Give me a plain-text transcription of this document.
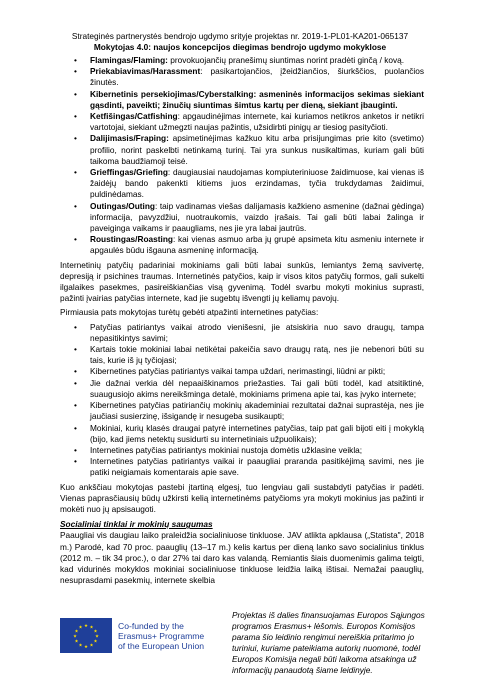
Strateginės partnerystės bendrojo ugdymo srityje projektas nr. 2019-1-PL01-KA201-065137
Mokytojas 4.0: naujos koncepcijos diegimas bendrojo ugdymo mokyklose
• Flamingas/Flaming: provokuojančių pranešimų siuntimas norint pradėti ginčą / kovą.
• Priekabiavimas/Harassment: pasikartojančios, įžeidžiančios, šiurkščios, puolančios žinutės.
• Kibernetinis persekiojimas/Cyberstalking: asmeninės informacijos sekimas siekiant gąsdinti, paveikti; žinučių siuntimas šimtus kartų per dieną, siekiant įbauginti.
• Ketfišingas/Catfishing: apgaudinėjimas internete, kai kuriamos netikros anketos ir netikri vartotojai, siekiant užmegzti naujas pažintis, užsidirbti pinigų ar tiesiog pasityčioti.
• Dalijimasis/Fraping: apsimetinėjimas kažkuo kitu arba prisijungimas prie kito (svetimo) profilio, norint paskelbti netinkamą turinį. Tai yra sunkus nusikaltimas, kuriam gali būti taikoma baudžiamoji teisė.
• Grieffingas/Griefing: daugiausiai naudojamas kompiuteriniuose žaidimuose, kai vienas iš žaidėjų bando pakenkti kitiems juos erzindamas, tyčia trukdydamas žaidimui, puldinėdamas.
• Outingas/Outing: taip vadinamas viešas dalijamasis kažkieno asmenine (dažnai gėdinga) informacija, pavyzdžiui, nuotraukomis, vaizdo įrašais. Tai gali būti labai žalinga ir paveiginga vaikams ir paaugliams, nes jie yra labai jautrūs.
• Roustingas/Roasting: kai vienas asmuo arba jų grupė apsimeta kitu asmeniu internete ir apgaulės būdu išgauna asmeninę informaciją.

Internetinių patyčių padariniai mokiniams gali būti labai sunkūs, lemiantys žemą savivertę, depresiją ir psichines traumas. Internetinės patyčios, kaip ir visos kitos patyčių formos, gali sukelti ilgalaikes pasekmes, pasireiškiančias visą gyvenimą. Todėl svarbu mokyti mokinius suprasti, pažinti įvairias patyčias internete, kad jie sugebtų išvengti jų keliamų pavojų.

Pirmiausia pats mokytojas turėtų gebėti atpažinti internetines patyčias:

• Patyčias patiriantys vaikai atrodo vienišesni, jie atsiskiria nuo savo draugų, tampa nepasitikintys savimi;
• Kartais tokie mokiniai labai netikėtai pakeičia savo draugų ratą, nes jie nebenori būti su tais, kurie iš jų tyčiojasi;
• Kibernetines patyčias patiriantys vaikai tampa uždari, nerimastingi, liūdni ar pikti;
• Jie dažnai verkia dėl nepaaiškinamos priežasties. Tai gali būti todėl, kad atsitiktinė, suaugusiojo akims nereikšminga detalė, mokiniams primena apie tai, kas įvyko internete;
• Kibernetines patyčias patiriančių mokinių akademiniai rezultatai dažnai suprastėja, nes jie jaučiasi susierzinę, išsigandę ir nesugeba susikaupti;
• Mokiniai, kurių klasės draugai patyrė internetines patyčias, taip pat gali bijoti eiti į mokyklą (bijo, kad jiems netektų susidurti su internetiniais užpuolikais);
• Internetines patyčias patiriantys mokiniai nustoja domėtis užklasine veikla;
• Internetines patyčias patiriantys vaikai ir paaugliai praranda pasitikėjimą savimi, nes jie patiki neigiamais komentarais apie save.

Kuo ankščiau mokytojas pastebi įtartiną elgesį, tuo lengviau gali sustabdyti patyčias ir padėti. Vienas paprasčiausių būdų užkirsti kelią internetinėms patyčioms yra mokyti mokinius jas pažinti ir mokėti nuo jų apsisaugoti.

Socialiniai tinklai ir mokinių saugumas

Paaugliai vis daugiau laiko praleidžia socialiniuose tinkluose. JAV atlikta apklausa („Statista", 2018 m.) Parodė, kad 70 proc. paauglių (13–17 m.) kelis kartus per dieną lanko savo socialinius tinklus (2012 m. – tik 34 proc.), o dar 27% tai daro kas valandą. Remiantis šiais duomenimis galima teigti, kad vidurinės mokyklos mokiniai socialiniuose tinkluose leidžia laiką ištisai. Nemažai paauglių, nesuprasdami pasekmių, internete skelbia

★ ★
★
★
★
★
★
★
★
★
★
★	Co-funded by the
Erasmus+ Programme
of the European Union
Projektas iš dalies finansuojamas Europos Sąjungos programos Erasmus+ lėšomis. Europos Komisijos parama šio leidinio rengimui nereiškia pritarimo jo turiniui, kuriame pateikiama autorių nuomonė, todėl Europos Komisija negali būti laikoma atsakinga už informacijų panaudotą šiame leidinyje.
